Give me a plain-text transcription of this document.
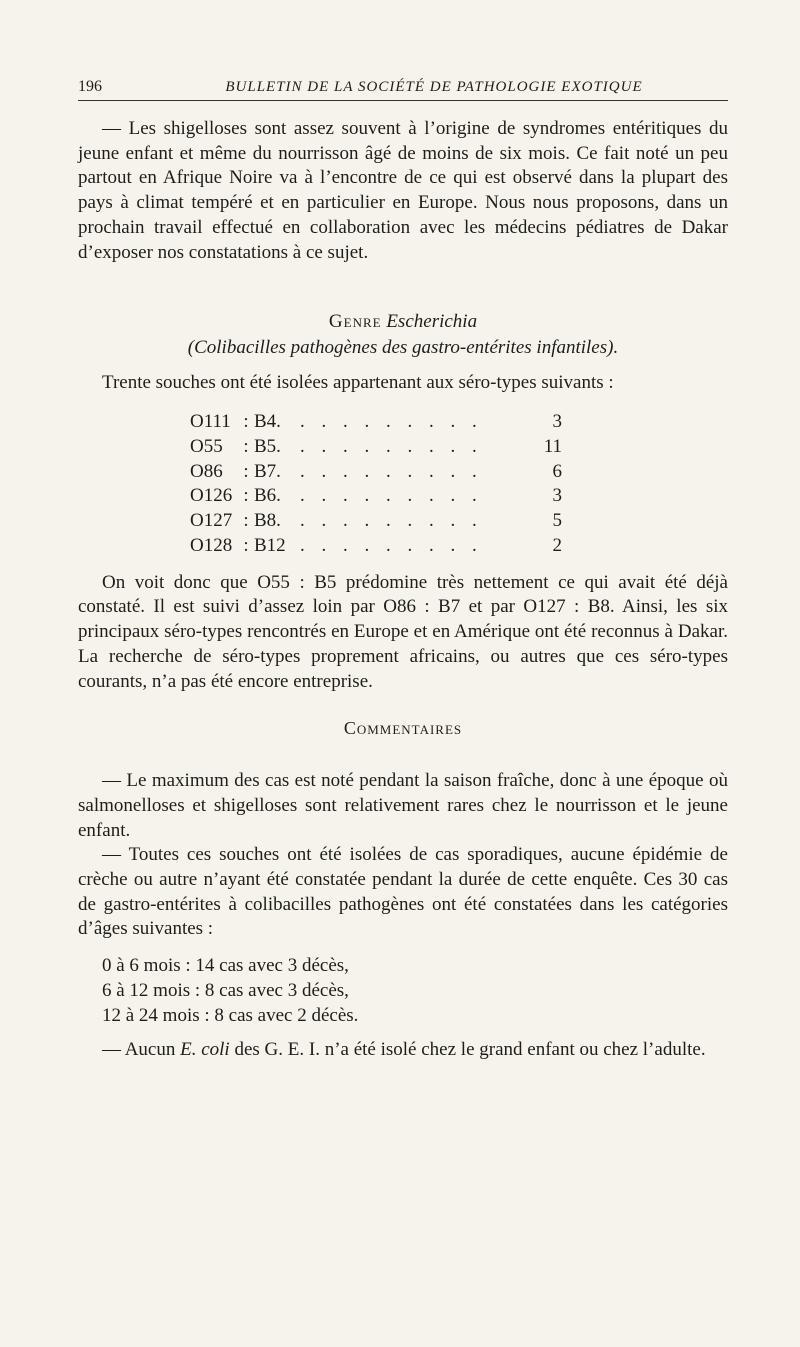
196	BULLETIN DE LA SOCIÉTÉ DE PATHOLOGIE EXOTIQUE

— Les shigelloses sont assez souvent à l’origine de syndromes entéritiques du jeune enfant et même du nourrisson âgé de moins de six mois. Ce fait noté un peu partout en Afrique Noire va à l’encontre de ce qui est observé dans la plupart des pays à climat tempéré et en particulier en Europe. Nous nous proposons, dans un prochain travail effectué en collaboration avec les médecins pédiatres de Dakar d’exposer nos constatations à ce sujet.

Genre Escherichia
(Colibacilles pathogènes des gastro-entérites infantiles).

Trente souches ont été isolées appartenant aux séro-types suivants :

O111	:	B4.	. . . . . . . . .	3
O55	:	B5.	. . . . . . . . .	11
O86	:	B7.	. . . . . . . . .	6
O126	:	B6.	. . . . . . . . .	3
O127	:	B8.	. . . . . . . . .	5
O128	:	B12	. . . . . . . . .	2

On voit donc que O55 : B5 prédomine très nettement ce qui avait été déjà constaté. Il est suivi d’assez loin par O86 : B7 et par O127 : B8. Ainsi, les six principaux séro-types rencontrés en Europe et en Amérique ont été reconnus à Dakar. La recherche de séro-types proprement africains, ou autres que ces séro-types courants, n’a pas été encore entreprise.

Commentaires

— Le maximum des cas est noté pendant la saison fraîche, donc à une époque où salmonelloses et shigelloses sont relativement rares chez le nourrisson et le jeune enfant.

— Toutes ces souches ont été isolées de cas sporadiques, aucune épidémie de crèche ou autre n’ayant été constatée pendant la durée de cette enquête. Ces 30 cas de gastro-entérites à colibacilles pathogènes ont été constatées dans les catégories d’âges suivantes :

0 à 6 mois : 14 cas avec 3 décès,

6 à 12 mois : 8 cas avec 3 décès,

12 à 24 mois : 8 cas avec 2 décès.

— Aucun E. coli des G. E. I. n’a été isolé chez le grand enfant ou chez l’adulte.
